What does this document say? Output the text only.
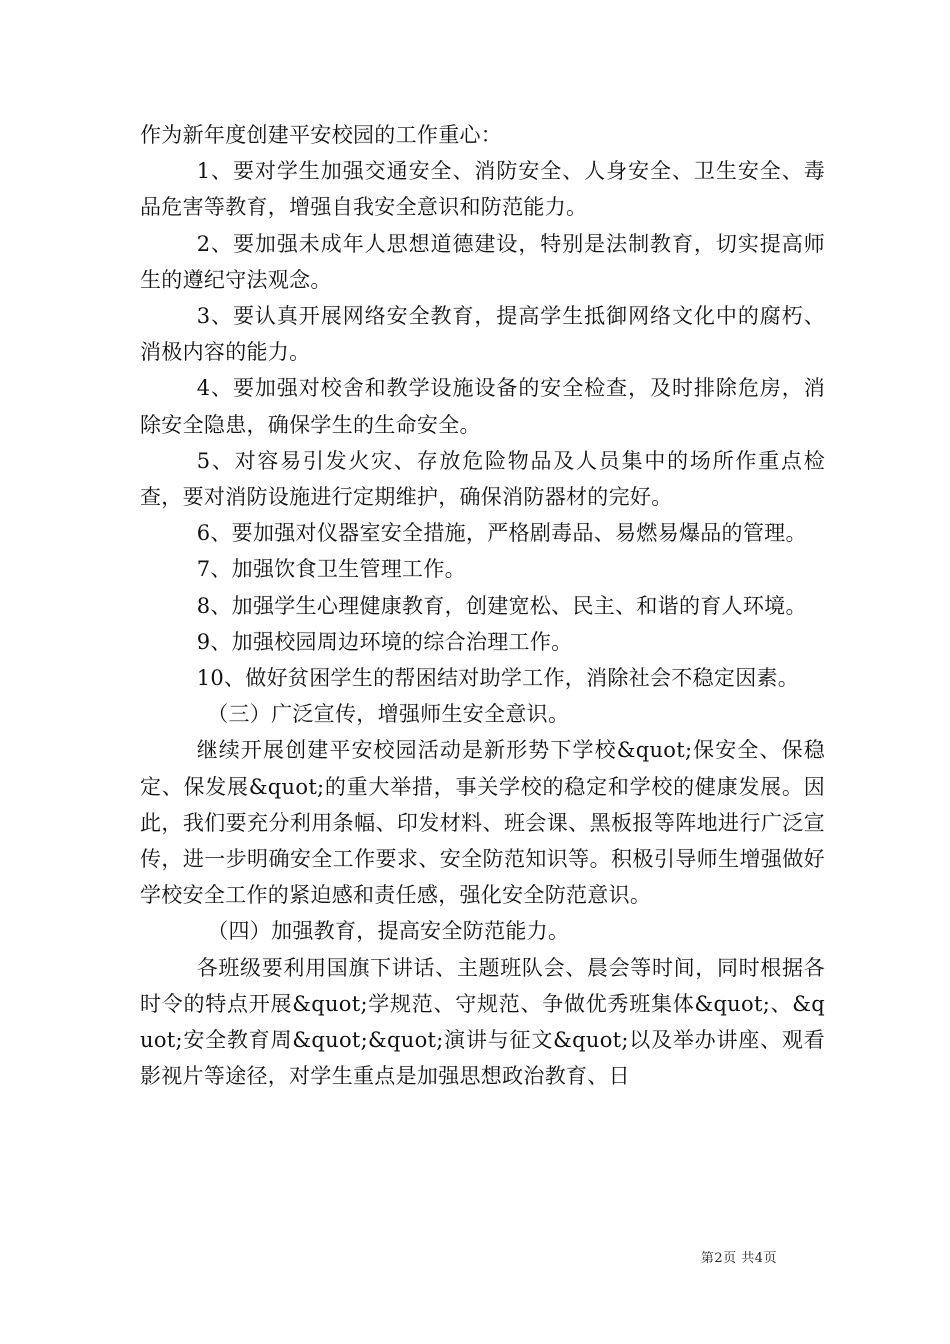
作为新年度创建平安校园的工作重心：

1、要对学生加强交通安全、消防安全、人身安全、卫生安全、毒品危害等教育，增强自我安全意识和防范能力。

2、要加强未成年人思想道德建设，特别是法制教育，切实提高师生的遵纪守法观念。

3、要认真开展网络安全教育，提高学生抵御网络文化中的腐朽、消极内容的能力。

4、要加强对校舍和教学设施设备的安全检查，及时排除危房，消除安全隐患，确保学生的生命安全。

5、对容易引发火灾、存放危险物品及人员集中的场所作重点检查，要对消防设施进行定期维护，确保消防器材的完好。

6、要加强对仪器室安全措施，严格剧毒品、易燃易爆品的管理。

7、加强饮食卫生管理工作。

8、加强学生心理健康教育，创建宽松、民主、和谐的育人环境。

9、加强校园周边环境的综合治理工作。

10、做好贫困学生的帮困结对助学工作，消除社会不稳定因素。

（三）广泛宣传，增强师生安全意识。

继续开展创建平安校园活动是新形势下学校&quot;保安全、保稳定、保发展&quot;的重大举措，事关学校的稳定和学校的健康发展。因此，我们要充分利用条幅、印发材料、班会课、黑板报等阵地进行广泛宣传，进一步明确安全工作要求、安全防范知识等。积极引导师生增强做好学校安全工作的紧迫感和责任感，强化安全防范意识。

（四）加强教育，提高安全防范能力。

各班级要利用国旗下讲话、主题班队会、晨会等时间，同时根据各时令的特点开展&quot;学规范、守规范、争做优秀班集体&quot;、&quot;安全教育周&quot;&quot;演讲与征文&quot;以及举办讲座、观看影视片等途径，对学生重点是加强思想政治教育、日

第2页 共4页
